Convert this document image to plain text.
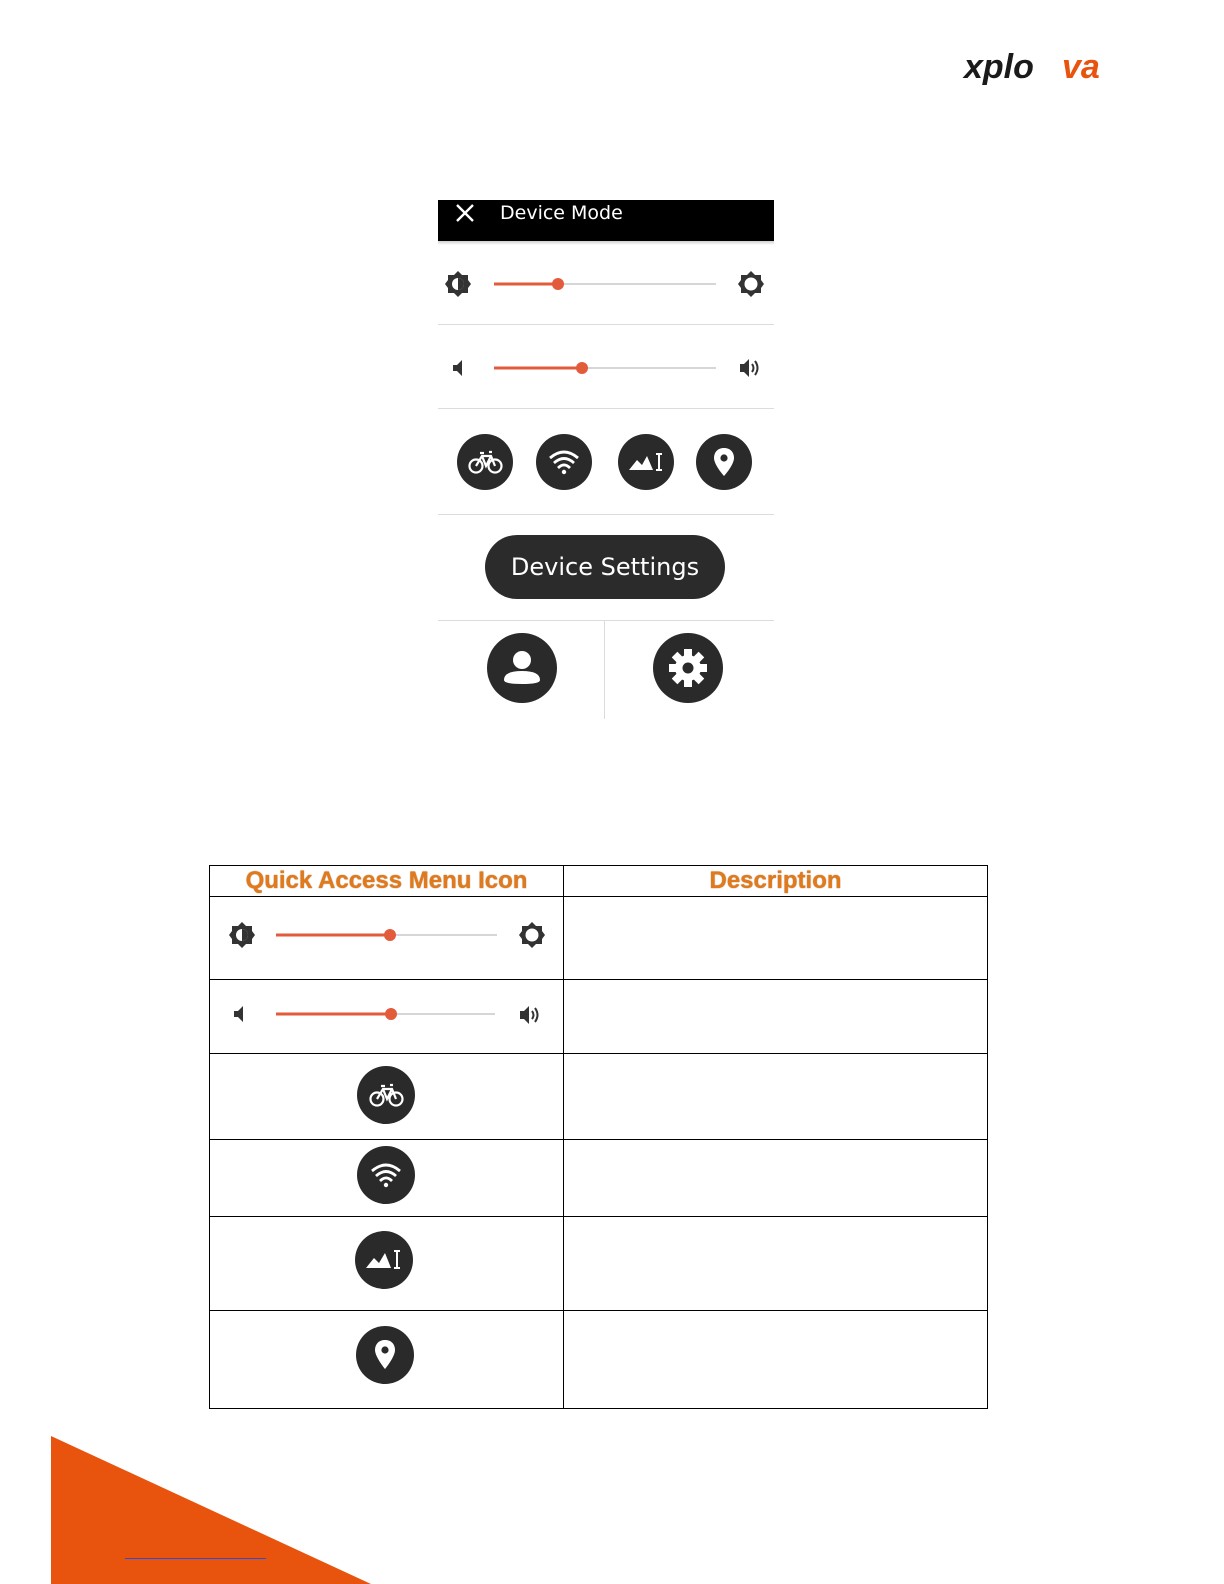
xplo va
Device Mode
Device Settings
Quick Access Menu Icon	Description
